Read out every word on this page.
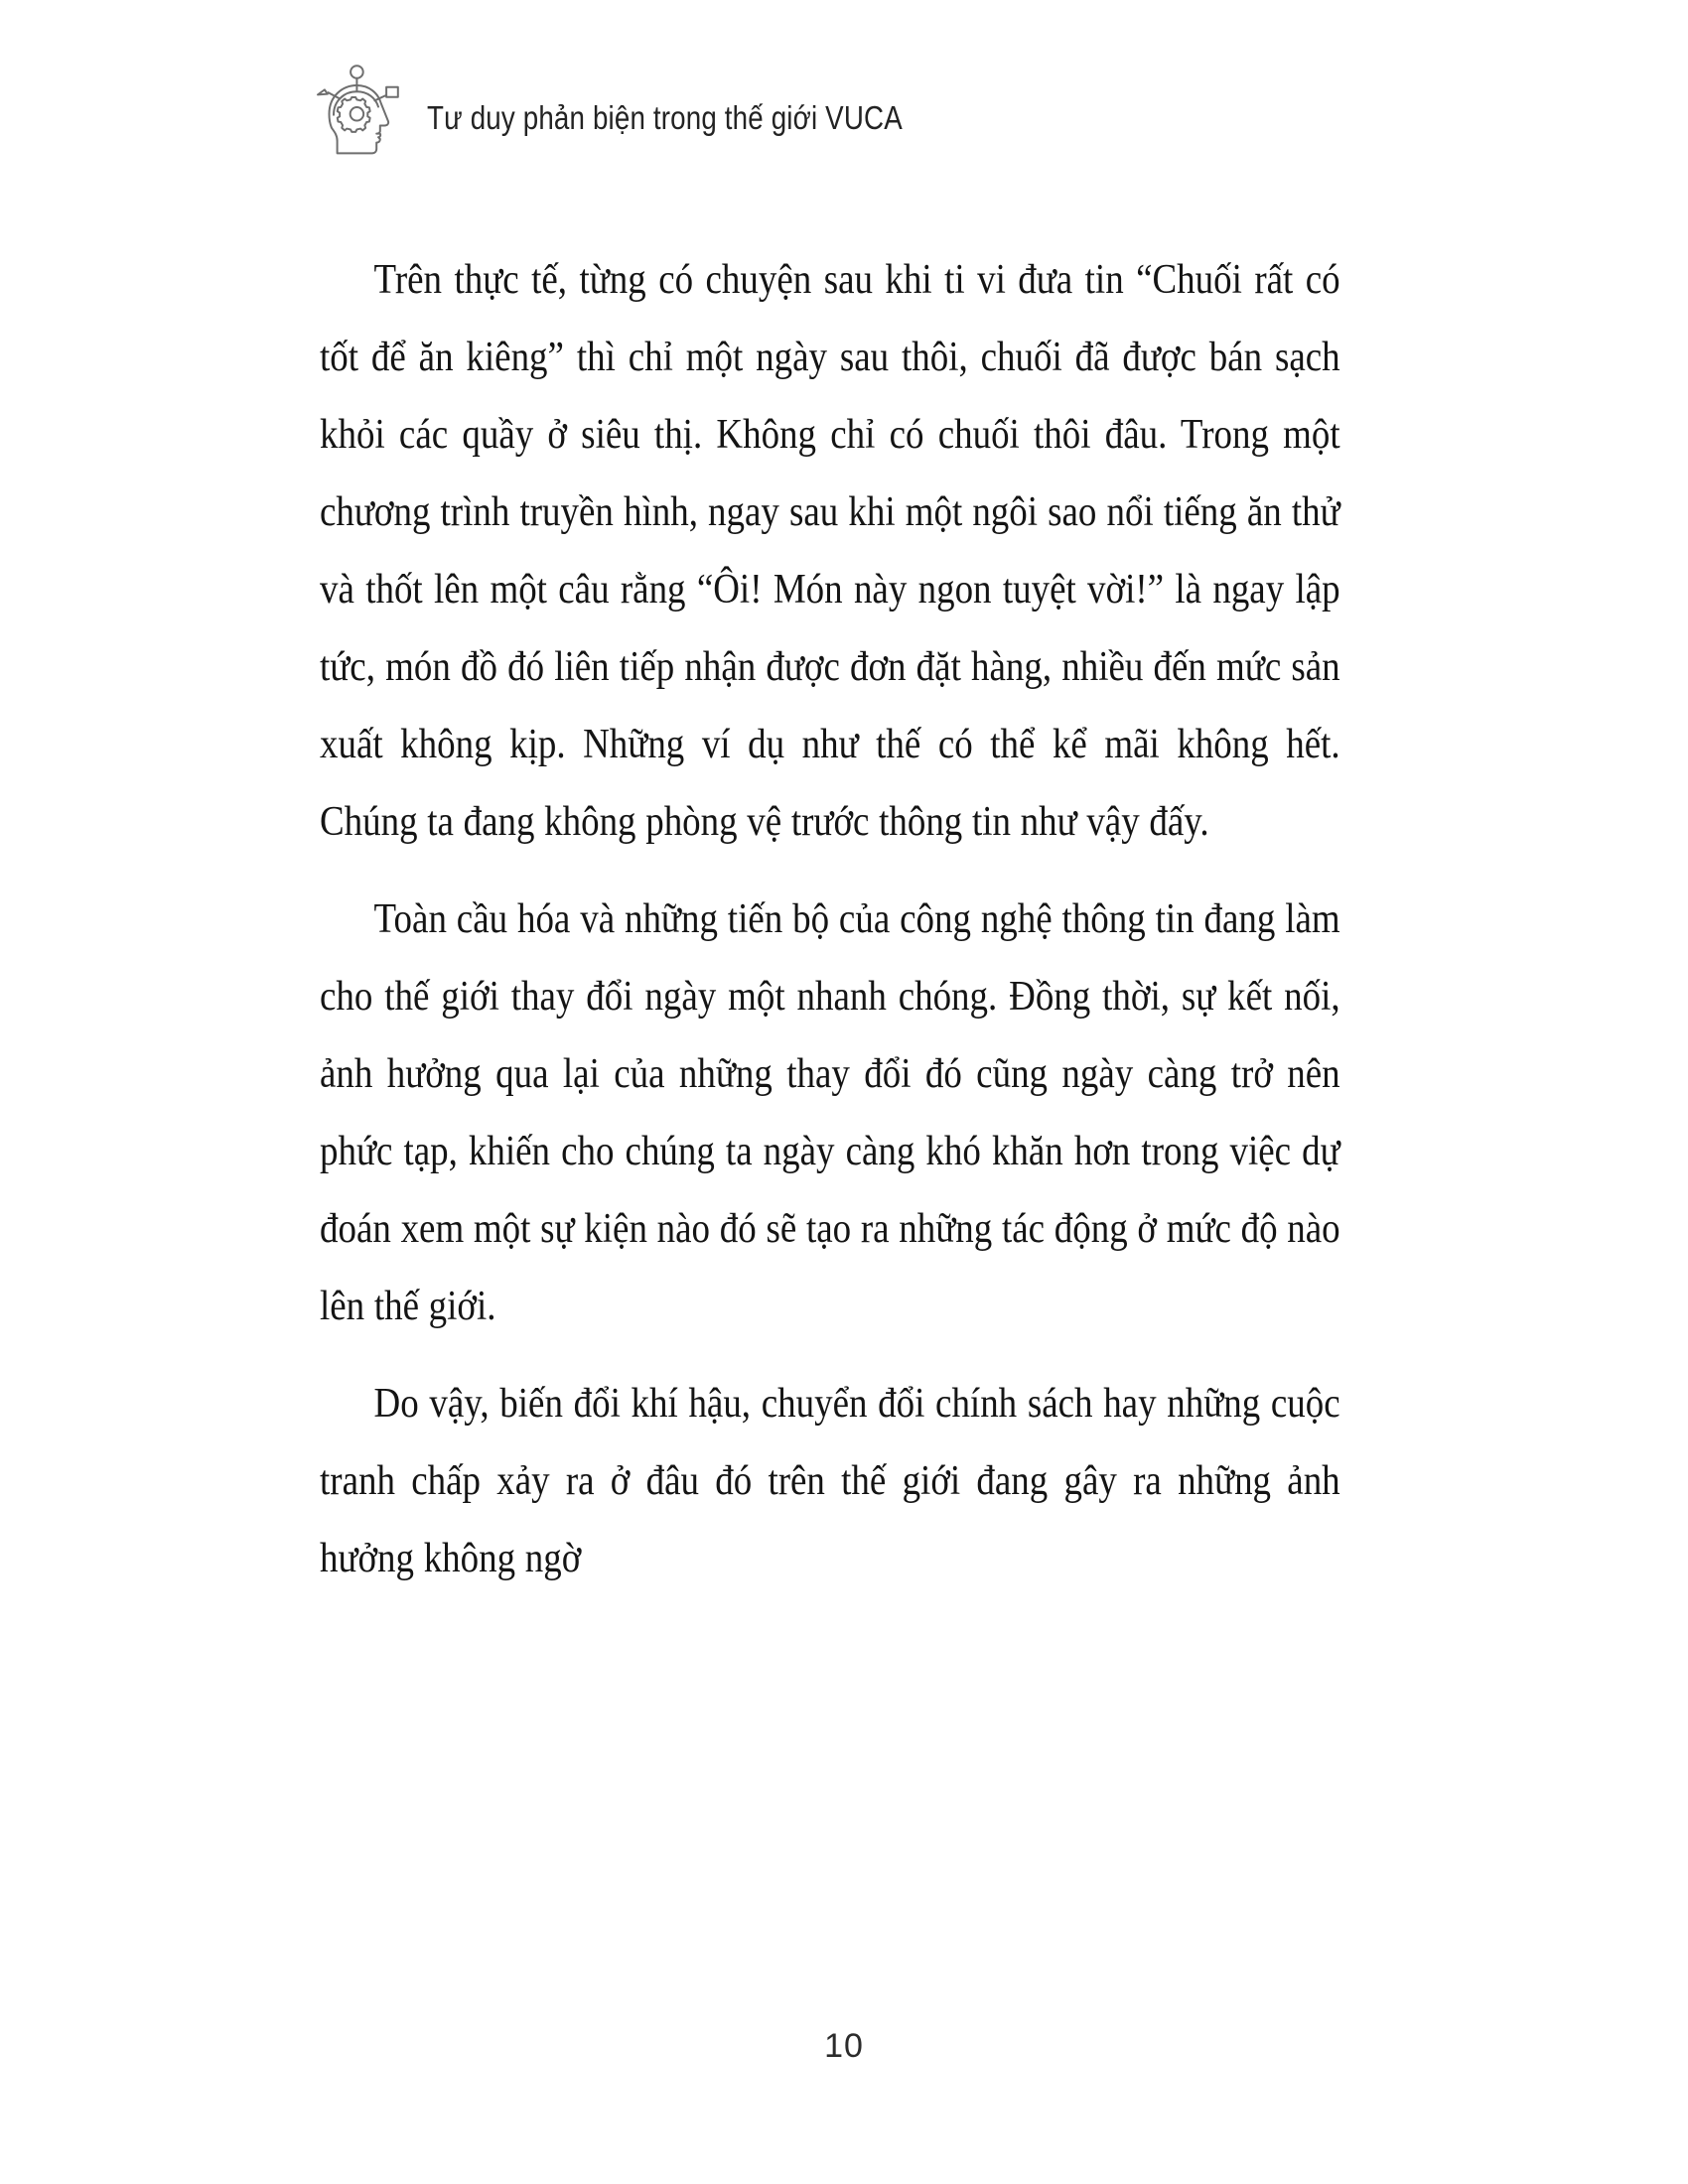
Tư duy phản biện trong thế giới VUCA

Trên thực tế, từng có chuyện sau khi ti vi đưa tin “Chuối rất có tốt để ăn kiêng” thì chỉ một ngày sau thôi, chuối đã được bán sạch khỏi các quầy ở siêu thị. Không chỉ có chuối thôi đâu. Trong một chương trình truyền hình, ngay sau khi một ngôi sao nổi tiếng ăn thử và thốt lên một câu rằng “Ôi! Món này ngon tuyệt vời!” là ngay lập tức, món đồ đó liên tiếp nhận được đơn đặt hàng, nhiều đến mức sản xuất không kịp. Những ví dụ như thế có thể kể mãi không hết. Chúng ta đang không phòng vệ trước thông tin như vậy đấy.

Toàn cầu hóa và những tiến bộ của công nghệ thông tin đang làm cho thế giới thay đổi ngày một nhanh chóng. Đồng thời, sự kết nối, ảnh hưởng qua lại của những thay đổi đó cũng ngày càng trở nên phức tạp, khiến cho chúng ta ngày càng khó khăn hơn trong việc dự đoán xem một sự kiện nào đó sẽ tạo ra những tác động ở mức độ nào lên thế giới.

Do vậy, biến đổi khí hậu, chuyển đổi chính sách hay những cuộc tranh chấp xảy ra ở đâu đó trên thế giới đang gây ra những ảnh hưởng không ngờ

10
